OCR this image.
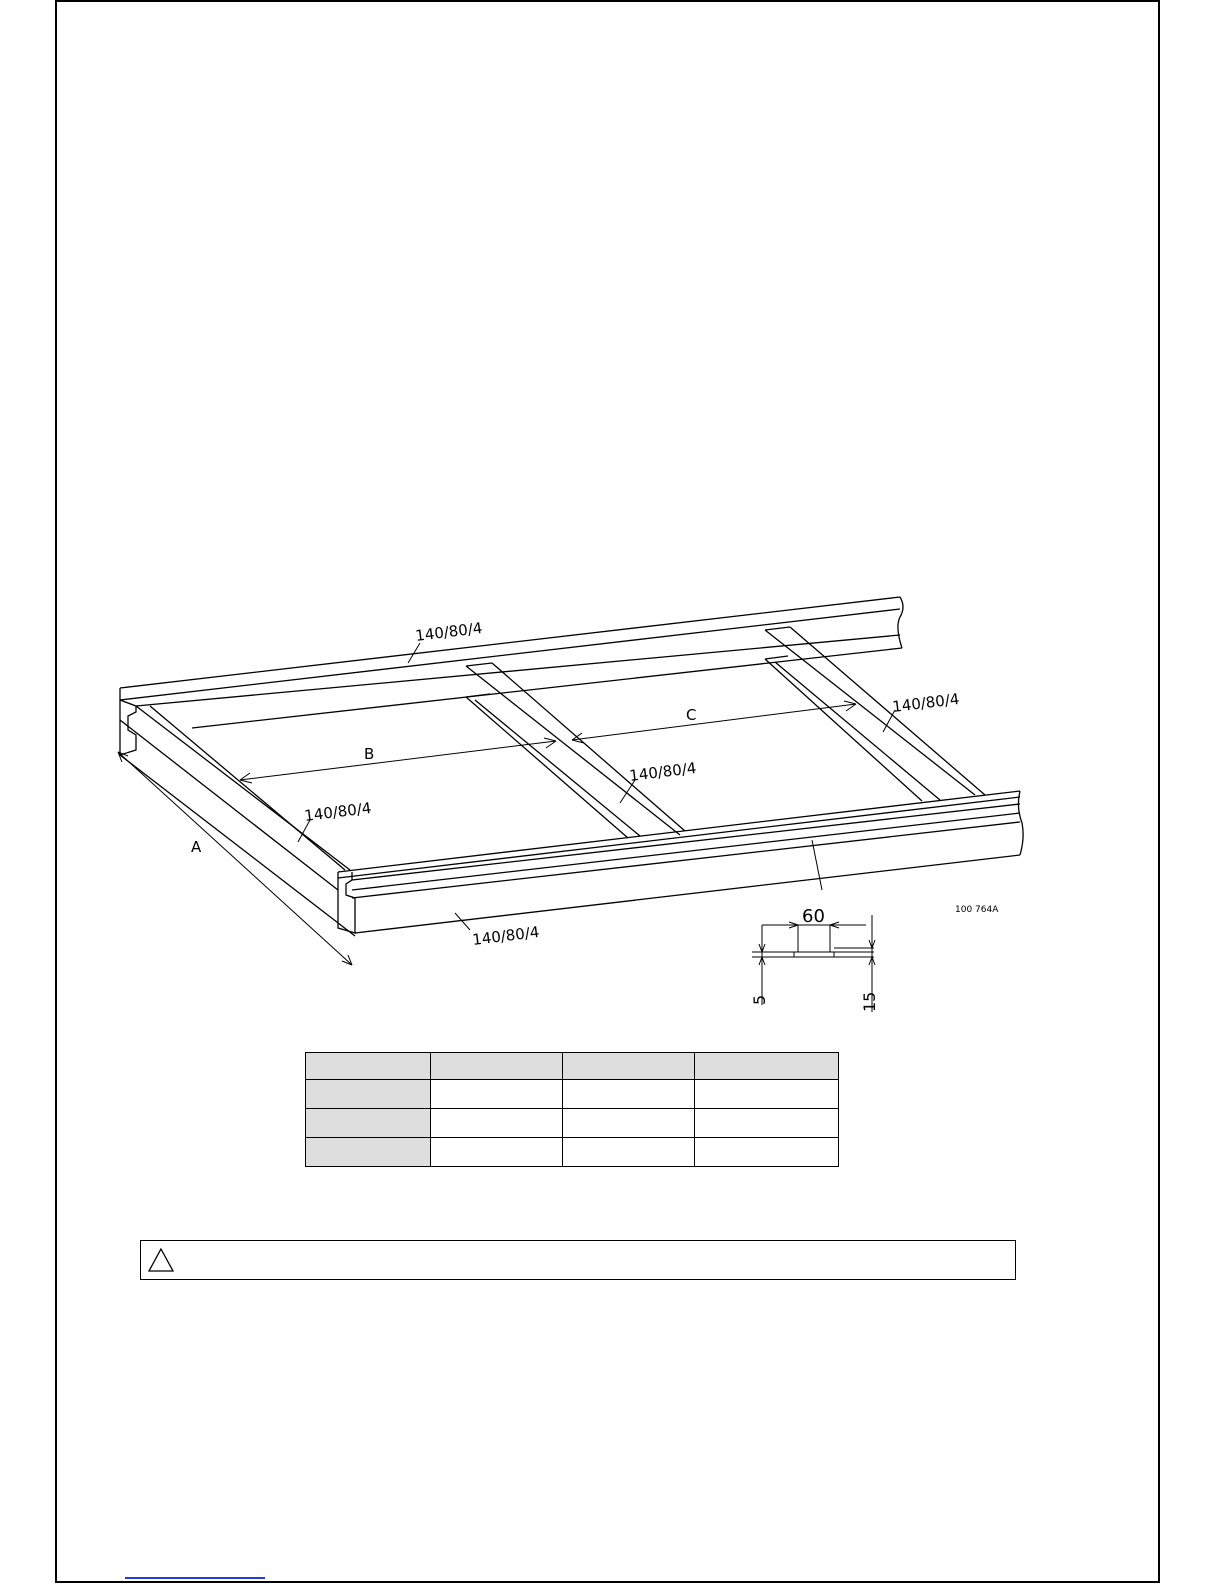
140/80/4
140/80/4
140/80/4
140/80/4
140/80/4
A
B
C
60
5	15
100 764A
